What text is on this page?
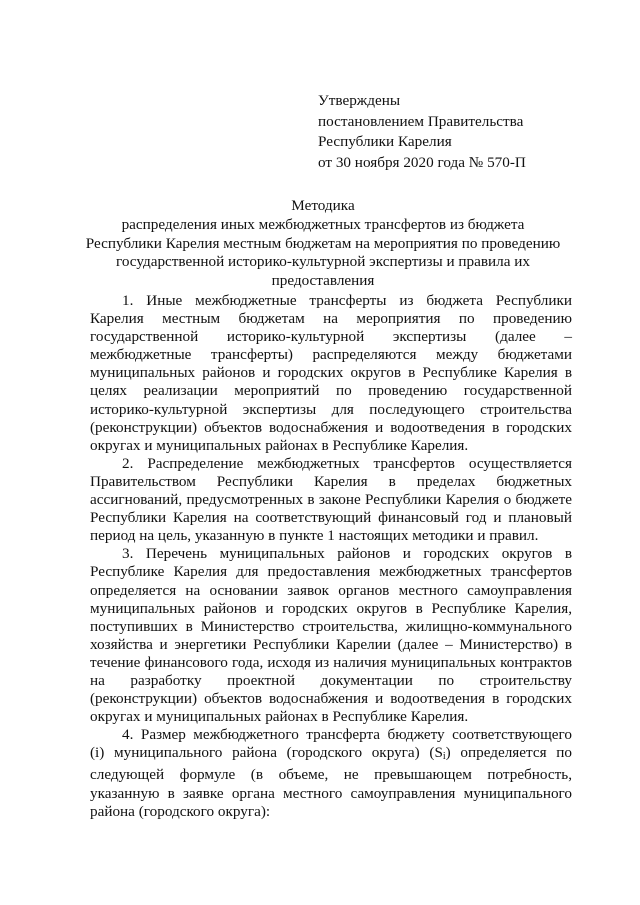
Утверждены
постановлением Правительства
Республики Карелия
от 30 ноября 2020 года № 570-П
Методика
распределения иных межбюджетных трансфертов из бюджета
Республики Карелия местным бюджетам на мероприятия по проведению
государственной историко-культурной экспертизы и правила их
предоставления
1. Иные межбюджетные трансферты из бюджета Республики
Карелия местным бюджетам на мероприятия по проведению
государственной историко-культурной экспертизы (далее –
межбюджетные трансферты) распределяются между бюджетами
муниципальных районов и городских округов в Республике Карелия в
целях реализации мероприятий по проведению государственной
историко-культурной экспертизы для последующего строительства
(реконструкции) объектов водоснабжения и водоотведения в городских
округах и муниципальных районах в Республике Карелия.
2. Распределение межбюджетных трансфертов осуществляется
Правительством Республики Карелия в пределах бюджетных
ассигнований, предусмотренных в законе Республики Карелия о бюджете
Республики Карелия на соответствующий финансовый год и плановый
период на цель, указанную в пункте 1 настоящих методики и правил.
3. Перечень муниципальных районов и городских округов в
Республике Карелия для предоставления межбюджетных трансфертов
определяется на основании заявок органов местного самоуправления
муниципальных районов и городских округов в Республике Карелия,
поступивших в Министерство строительства, жилищно-коммунального
хозяйства и энергетики Республики Карелии (далее – Министерство) в
течение финансового года, исходя из наличия муниципальных контрактов
на разработку проектной документации по строительству
(реконструкции) объектов водоснабжения и водоотведения в городских
округах и муниципальных районах в Республике Карелия.
4. Размер межбюджетного трансферта бюджету соответствующего
(i) муниципального района (городского округа) $(S_i)$ определяется по
следующей формуле (в объеме, не превышающем потребность,
указанную в заявке органа местного самоуправления муниципального
района (городского округа):
